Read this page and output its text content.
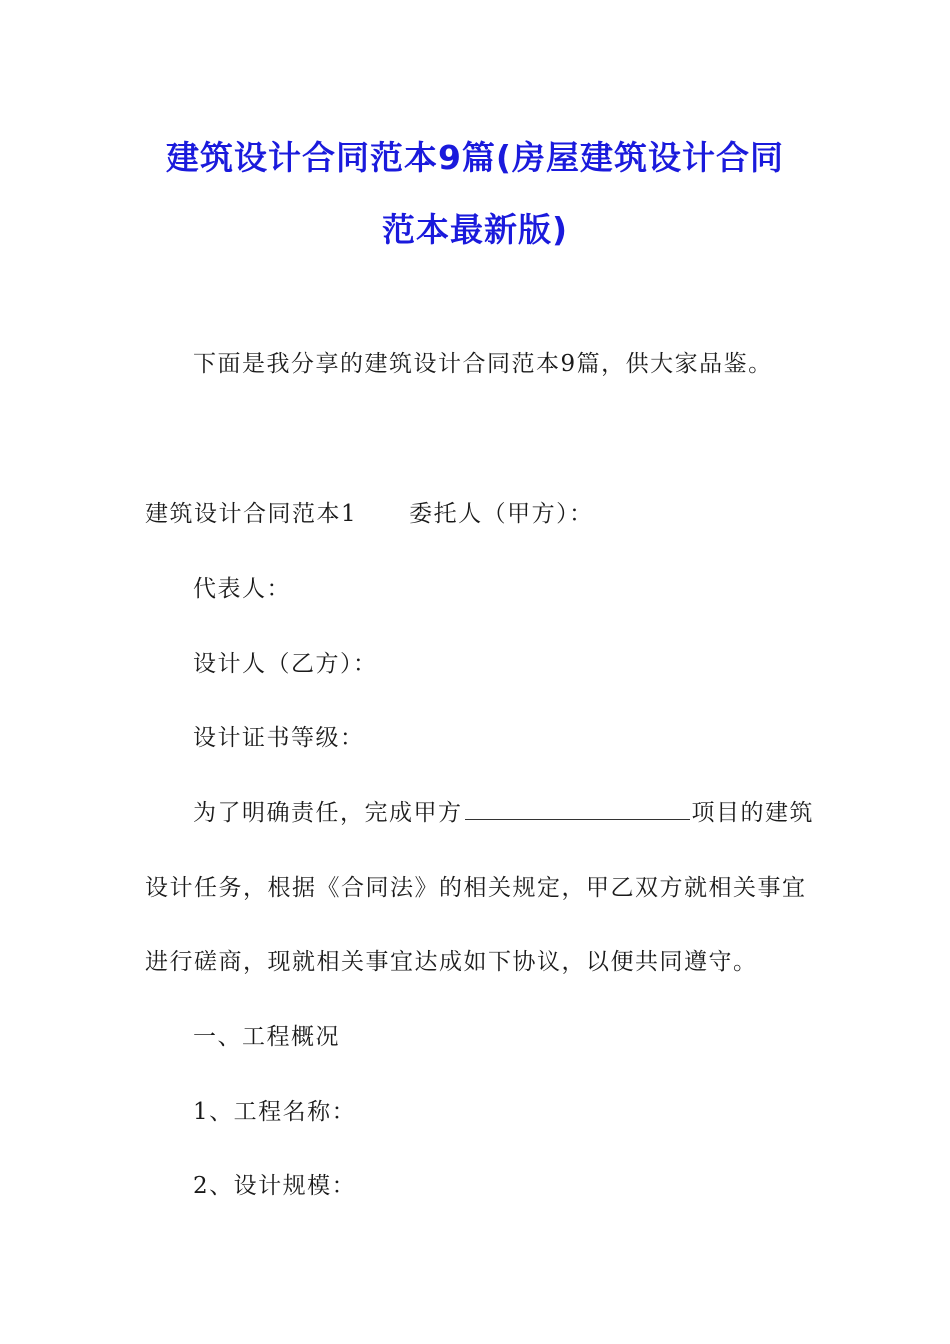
建筑设计合同范本9篇(房屋建筑设计合同
范本最新版)
下面是我分享的建筑设计合同范本9篇，供大家品鉴。
建筑设计合同范本1 委托人（甲方）：
代表人：
设计人（乙方）：
设计证书等级：
为了明确责任，完成甲方	项目的建筑
设计任务，根据《合同法》的相关规定，甲乙双方就相关事宜
进行磋商，现就相关事宜达成如下协议，以便共同遵守。
一、工程概况
1、工程名称：
2、设计规模：
